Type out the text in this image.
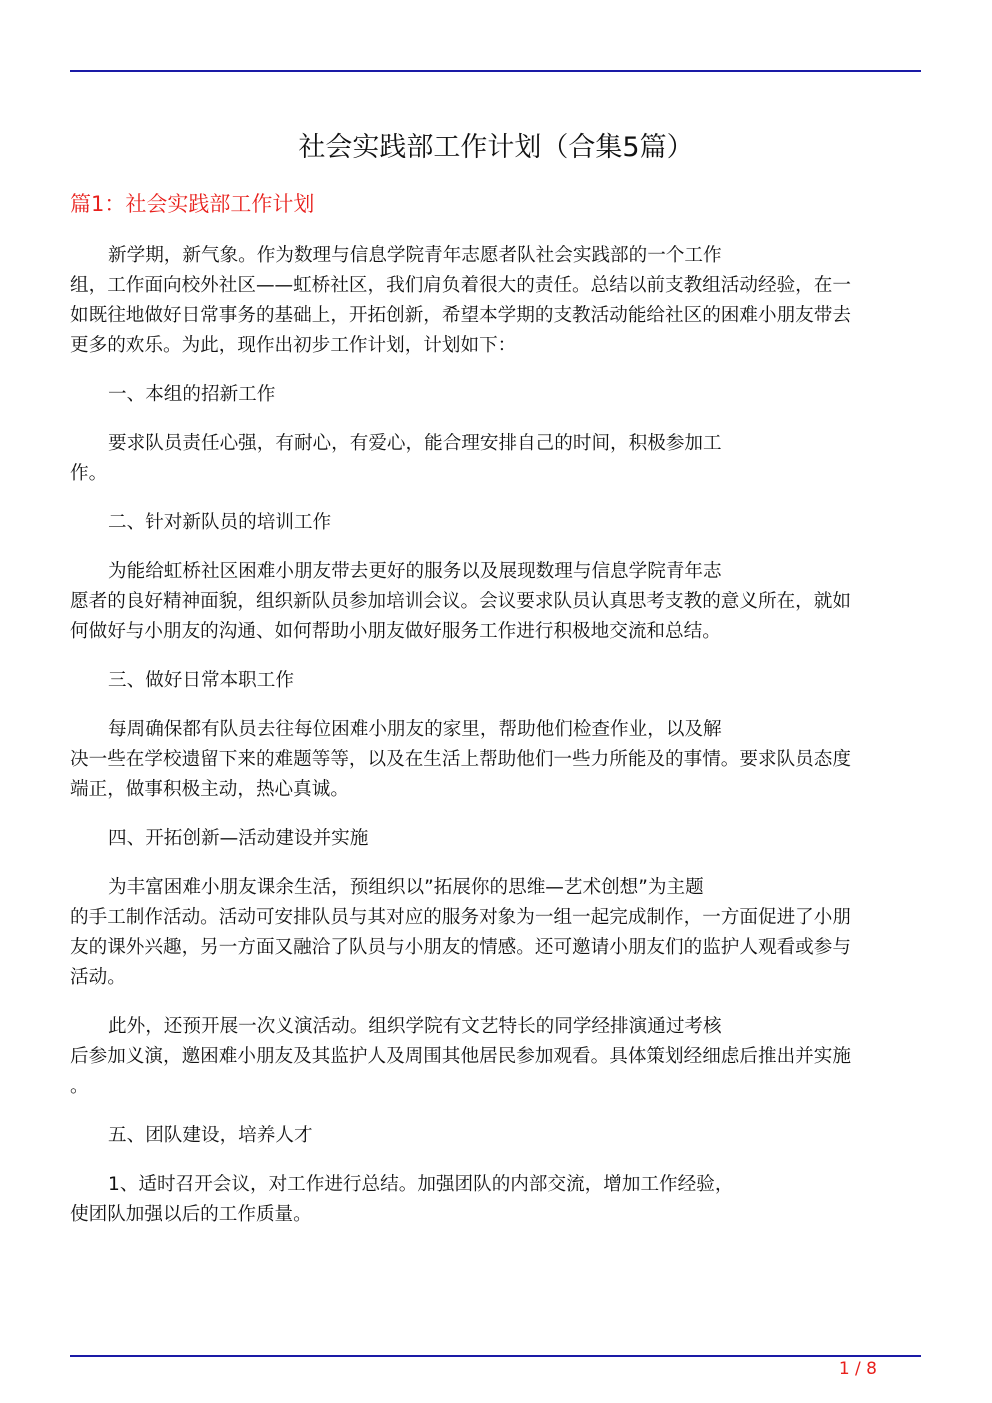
社会实践部工作计划（合集5篇）
篇1：社会实践部工作计划
新学期，新气象。作为数理与信息学院青年志愿者队社会实践部的一个工作
组，工作面向校外社区——虹桥社区，我们肩负着很大的责任。总结以前支教组活动经验，在一
如既往地做好日常事务的基础上，开拓创新，希望本学期的支教活动能给社区的困难小朋友带去
更多的欢乐。为此，现作出初步工作计划，计划如下：
一、本组的招新工作
要求队员责任心强，有耐心，有爱心，能合理安排自己的时间，积极参加工
作。
二、针对新队员的培训工作
为能给虹桥社区困难小朋友带去更好的服务以及展现数理与信息学院青年志
愿者的良好精神面貌，组织新队员参加培训会议。会议要求队员认真思考支教的意义所在，就如
何做好与小朋友的沟通、如何帮助小朋友做好服务工作进行积极地交流和总结。
三、做好日常本职工作
每周确保都有队员去往每位困难小朋友的家里，帮助他们检查作业，以及解
决一些在学校遗留下来的难题等等，以及在生活上帮助他们一些力所能及的事情。要求队员态度
端正，做事积极主动，热心真诚。
四、开拓创新—活动建设并实施
为丰富困难小朋友课余生活，预组织以”拓展你的思维—艺术创想”为主题
的手工制作活动。活动可安排队员与其对应的服务对象为一组一起完成制作，一方面促进了小朋
友的课外兴趣，另一方面又融洽了队员与小朋友的情感。还可邀请小朋友们的监护人观看或参与
活动。
此外，还预开展一次义演活动。组织学院有文艺特长的同学经排演通过考核
后参加义演，邀困难小朋友及其监护人及周围其他居民参加观看。具体策划经细虑后推出并实施
。
五、团队建设，培养人才
1、适时召开会议，对工作进行总结。加强团队的内部交流，增加工作经验，
使团队加强以后的工作质量。
1 / 8
